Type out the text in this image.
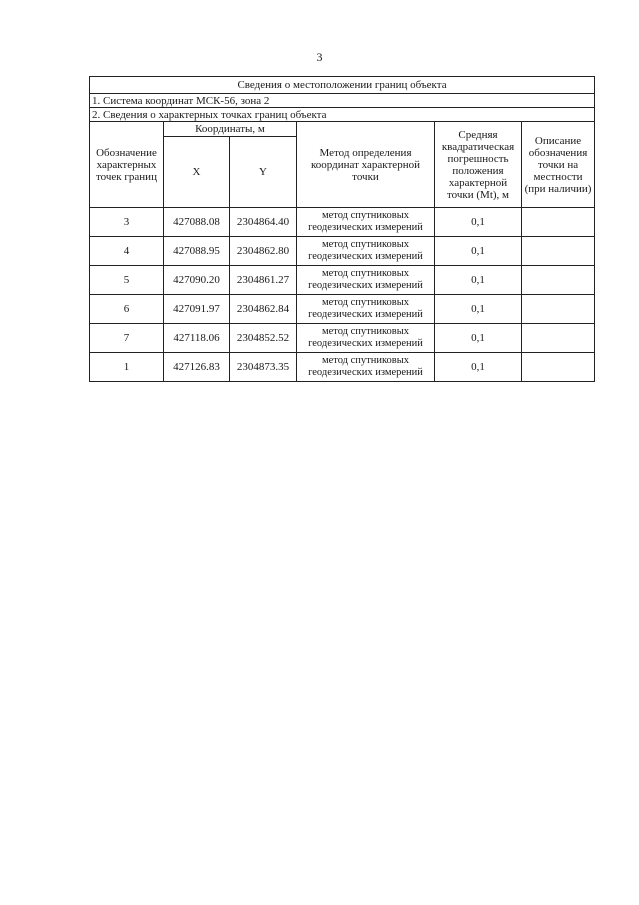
3
Сведения о местоположении границ объекта					
1. Система координат МСК-56, зона 2					
2. Сведения о характерных точках границ объекта					
Обозначение характерных точек границ	Координаты, м		Метод определения координат характерной точки	Средняя квадратическая погрешность положения характерной точки (Mt), м	Описание обозначения точки на местности (при наличии)
	X	Y			
3	427088.08	2304864.40	метод спутниковых
геодезических измерений	0,1	
4	427088.95	2304862.80	метод спутниковых
геодезических измерений	0,1	
5	427090.20	2304861.27	метод спутниковых
геодезических измерений	0,1	
6	427091.97	2304862.84	метод спутниковых
геодезических измерений	0,1	
7	427118.06	2304852.52	метод спутниковых
геодезических измерений	0,1	
1	427126.83	2304873.35	метод спутниковых
геодезических измерений	0,1	
